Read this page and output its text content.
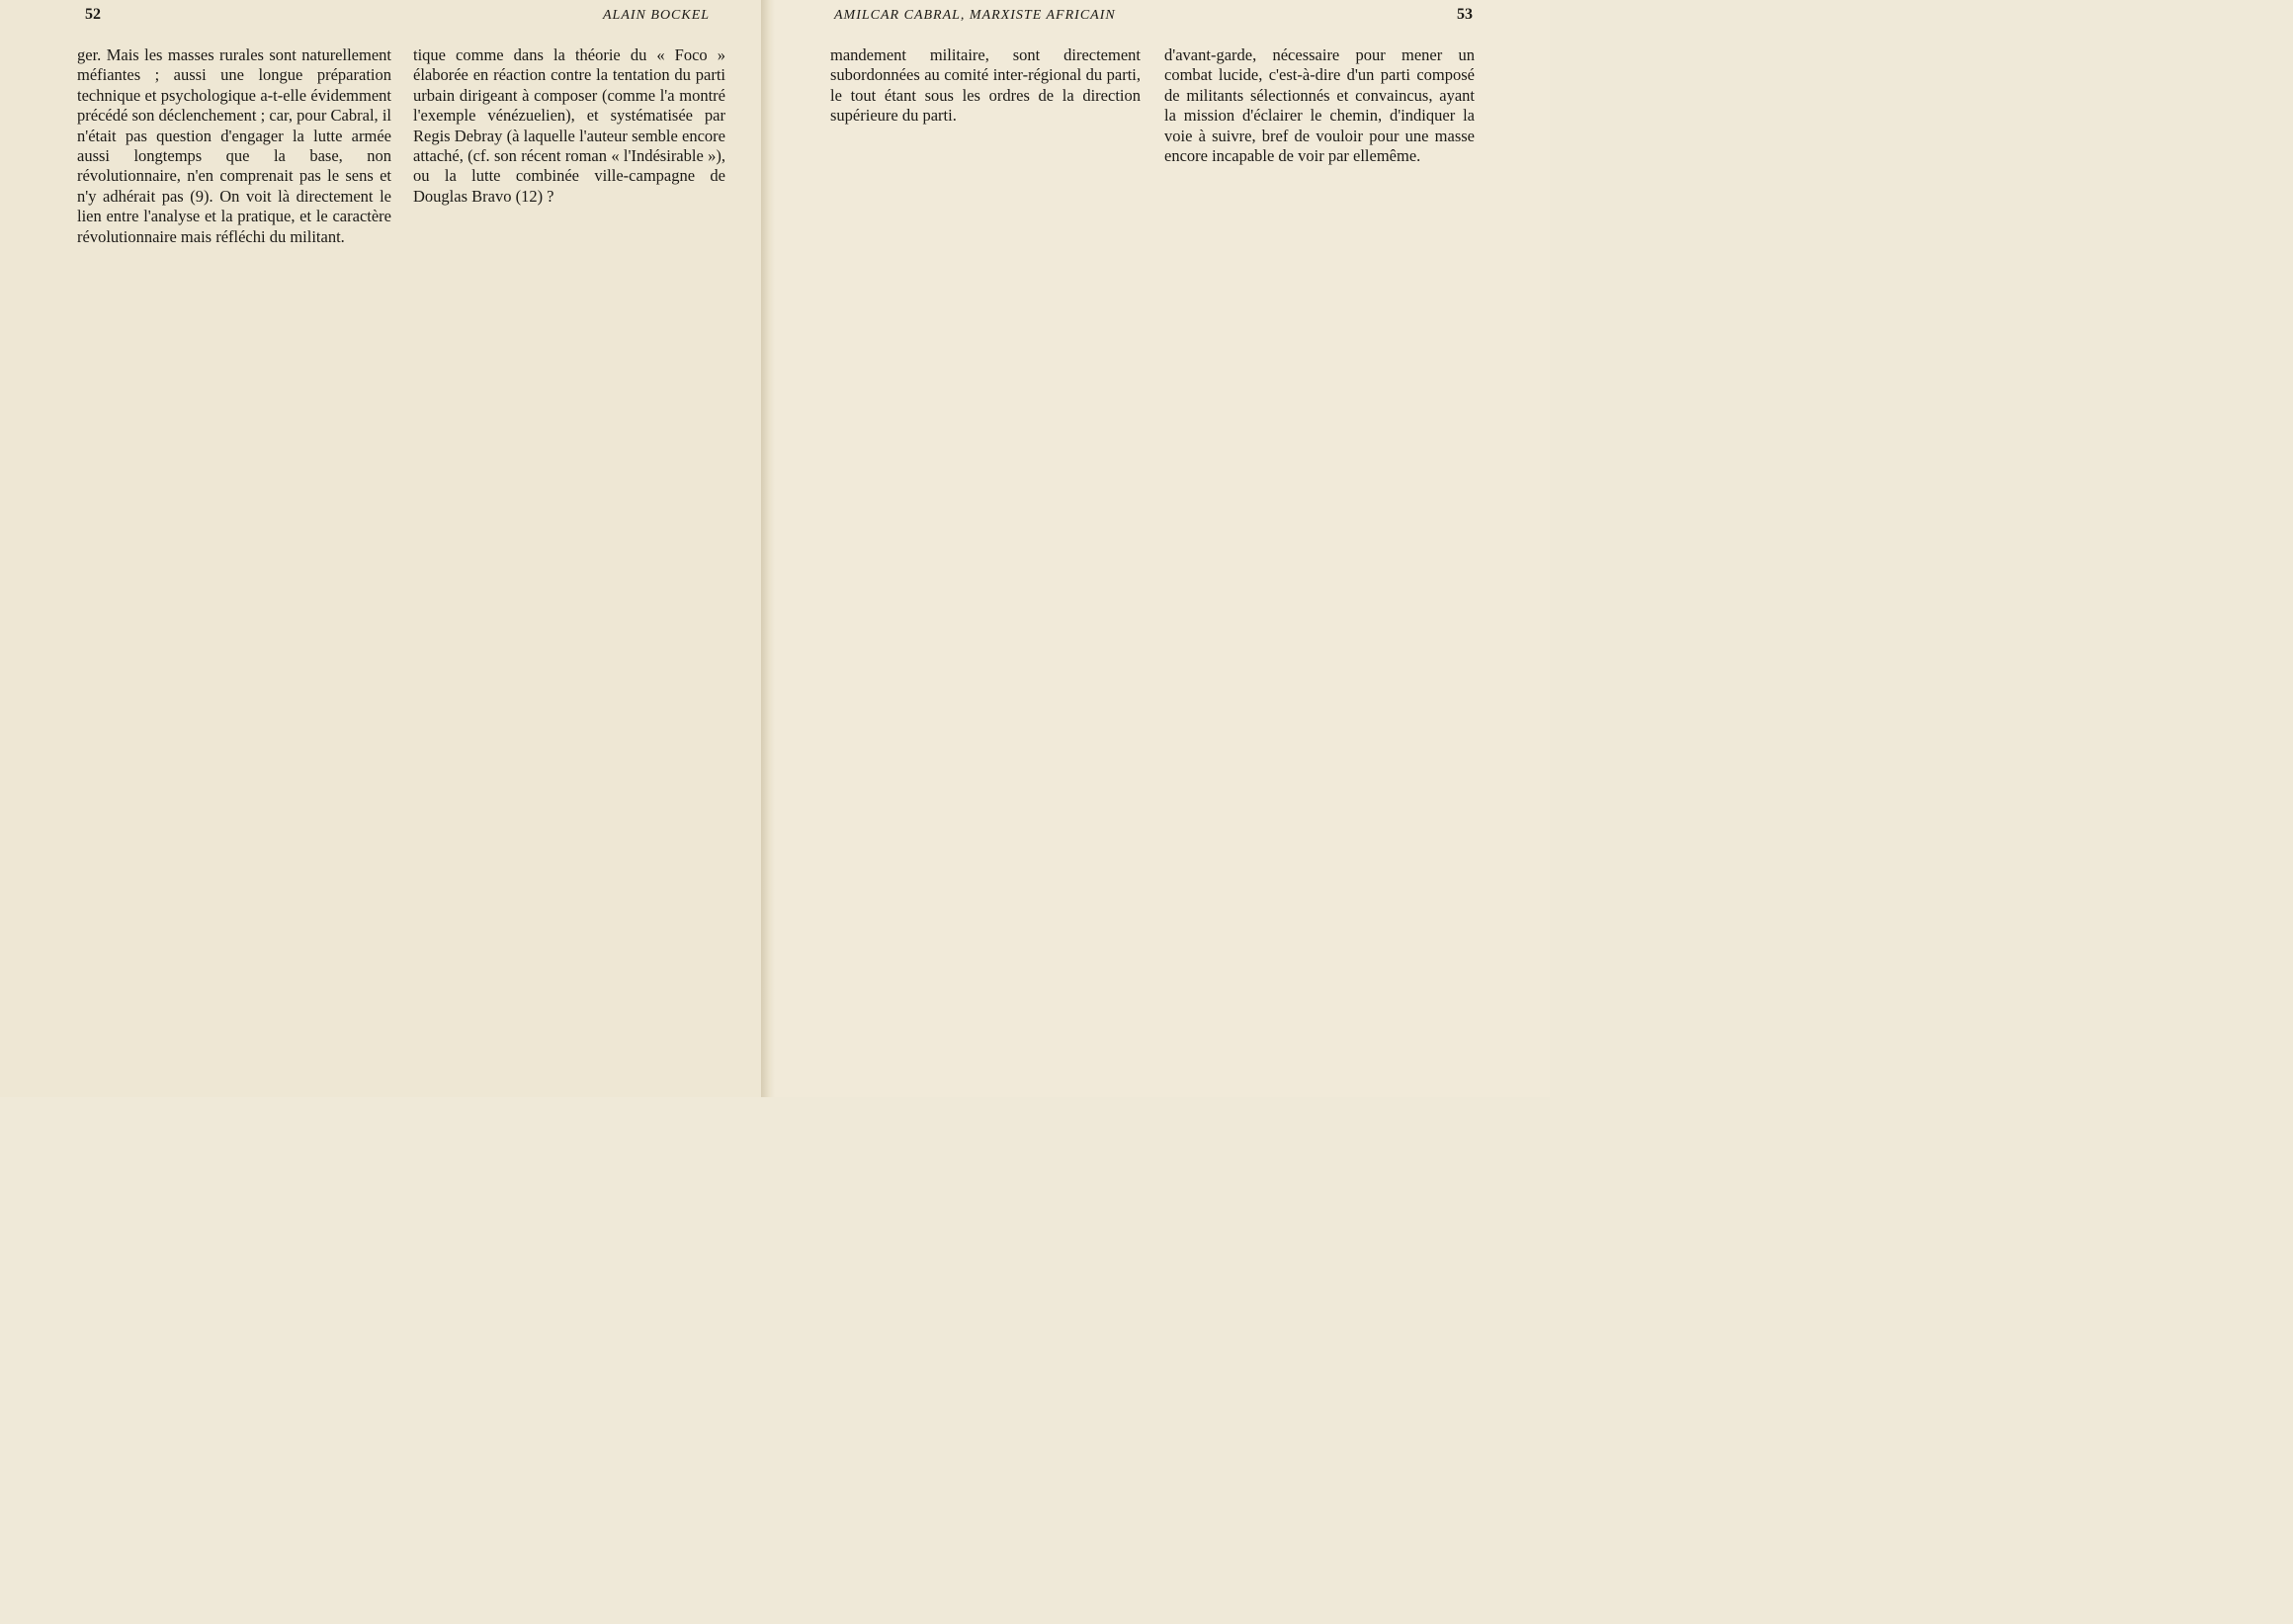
52	ALAIN BOCKEL

ger. Mais les masses rurales sont naturellement méfiantes ; aussi une longue préparation technique et psychologique a-t-elle évidemment précédé son déclenchement ; car, pour Cabral, il n'était pas question d'engager la lutte armée aussi longtemps que la base, non révolutionnaire, n'en comprenait pas le sens et n'y adhérait pas (9). On voit là directement le lien entre l'analyse et la pratique, et le caractère révolutionnaire mais réfléchi du militant.

tique comme dans la théorie du « Foco » élaborée en réaction contre la tentation du parti urbain dirigeant à composer (comme l'a montré l'exemple vénézuelien), et systématisée par Regis Debray (à laquelle l'auteur semble encore attaché, (cf. son récent roman « l'Indésirable »), ou la lutte combinée ville-campagne de Douglas Bravo (12) ?

AMILCAR CABRAL, MARXISTE AFRICAIN	53

mandement militaire, sont directement subordonnées au comité inter-régional du parti, le tout étant sous les ordres de la direction supérieure du parti.

d'avant-garde, nécessaire pour mener un combat lucide, c'est-à-dire d'un parti composé de militants sélectionnés et convaincus, ayant la mission d'éclairer le chemin, d'indiquer la voie à suivre, bref de vouloir pour une masse encore incapable de voir par ellemême.
